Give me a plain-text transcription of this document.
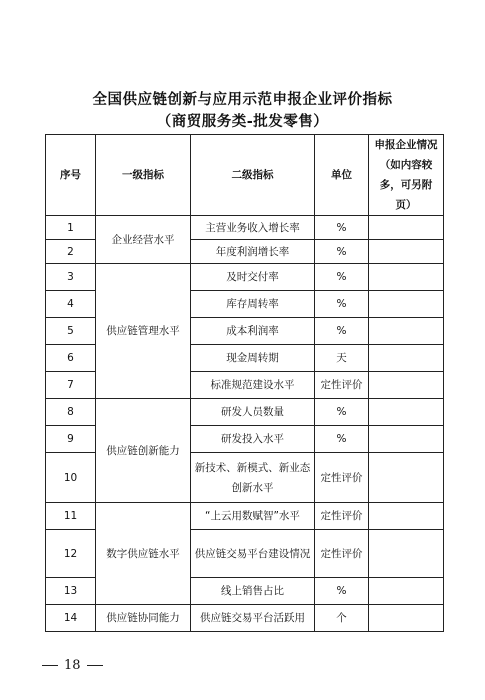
全国供应链创新与应用示范申报企业评价指标
（商贸服务类-批发零售）
序号	一级指标	二级指标	单位	申报企业情况（如内容较多，可另附页）
1	企业经营水平	主营业务收入增长率	%	
2		年度利润增长率	%	
3	供应链管理水平	及时交付率	%	
4		库存周转率	%	
5		成本利润率	%	
6		现金周转期	天	
7		标准规范建设水平	定性评价	
8	供应链创新能力	研发人员数量	%	
9		研发投入水平	%	
10		新技术、新模式、新业态创新水平	定性评价	
11	数字供应链水平	“上云用数赋智”水平	定性评价	
12		供应链交易平台建设情况	定性评价	
13		线上销售占比	%	
14	供应链协同能力	供应链交易平台活跃用	个	
18
